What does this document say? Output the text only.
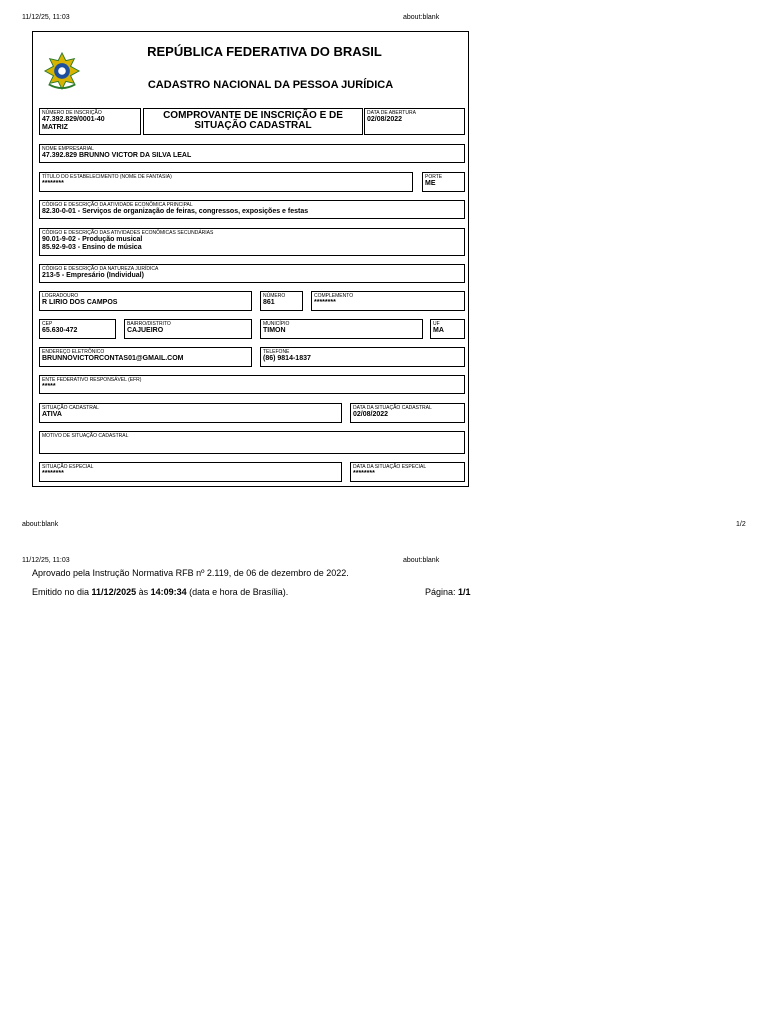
11/12/25, 11:03	about:blank
REPÚBLICA FEDERATIVA DO BRASIL
CADASTRO NACIONAL DA PESSOA JURÍDICA
NÚMERO DE INSCRIÇÃO
47.392.829/0001-40
MATRIZ
COMPROVANTE DE INSCRIÇÃO E DE SITUAÇÃO CADASTRAL
DATA DE ABERTURA
02/08/2022
NOME EMPRESARIAL
47.392.829 BRUNNO VICTOR DA SILVA LEAL
TÍTULO DO ESTABELECIMENTO (NOME DE FANTASIA)
********
PORTE
ME
CÓDIGO E DESCRIÇÃO DA ATIVIDADE ECONÔMICA PRINCIPAL
82.30-0-01 - Serviços de organização de feiras, congressos, exposições e festas
CÓDIGO E DESCRIÇÃO DAS ATIVIDADES ECONÔMICAS SECUNDÁRIAS
90.01-9-02 - Produção musical
85.92-9-03 - Ensino de música
CÓDIGO E DESCRIÇÃO DA NATUREZA JURÍDICA
213-5 - Empresário (Individual)
LOGRADOURO
R LIRIO DOS CAMPOS
NÚMERO
861
COMPLEMENTO
********
CEP
65.630-472
BAIRRO/DISTRITO
CAJUEIRO
MUNICÍPIO
TIMON
UF
MA
ENDEREÇO ELETRÔNICO
BRUNNOVICTORCONTAS01@GMAIL.COM
TELEFONE
(86) 9814-1837
ENTE FEDERATIVO RESPONSÁVEL (EFR)
*****
SITUAÇÃO CADASTRAL
ATIVA
DATA DA SITUAÇÃO CADASTRAL
02/08/2022
MOTIVO DE SITUAÇÃO CADASTRAL
SITUAÇÃO ESPECIAL
********
DATA DA SITUAÇÃO ESPECIAL
********
about:blank	1/2
11/12/25, 11:03	about:blank
Aprovado pela Instrução Normativa RFB nº 2.119, de 06 de dezembro de 2022.
Emitido no dia 11/12/2025 às 14:09:34 (data e hora de Brasília).	Página: 1/1
